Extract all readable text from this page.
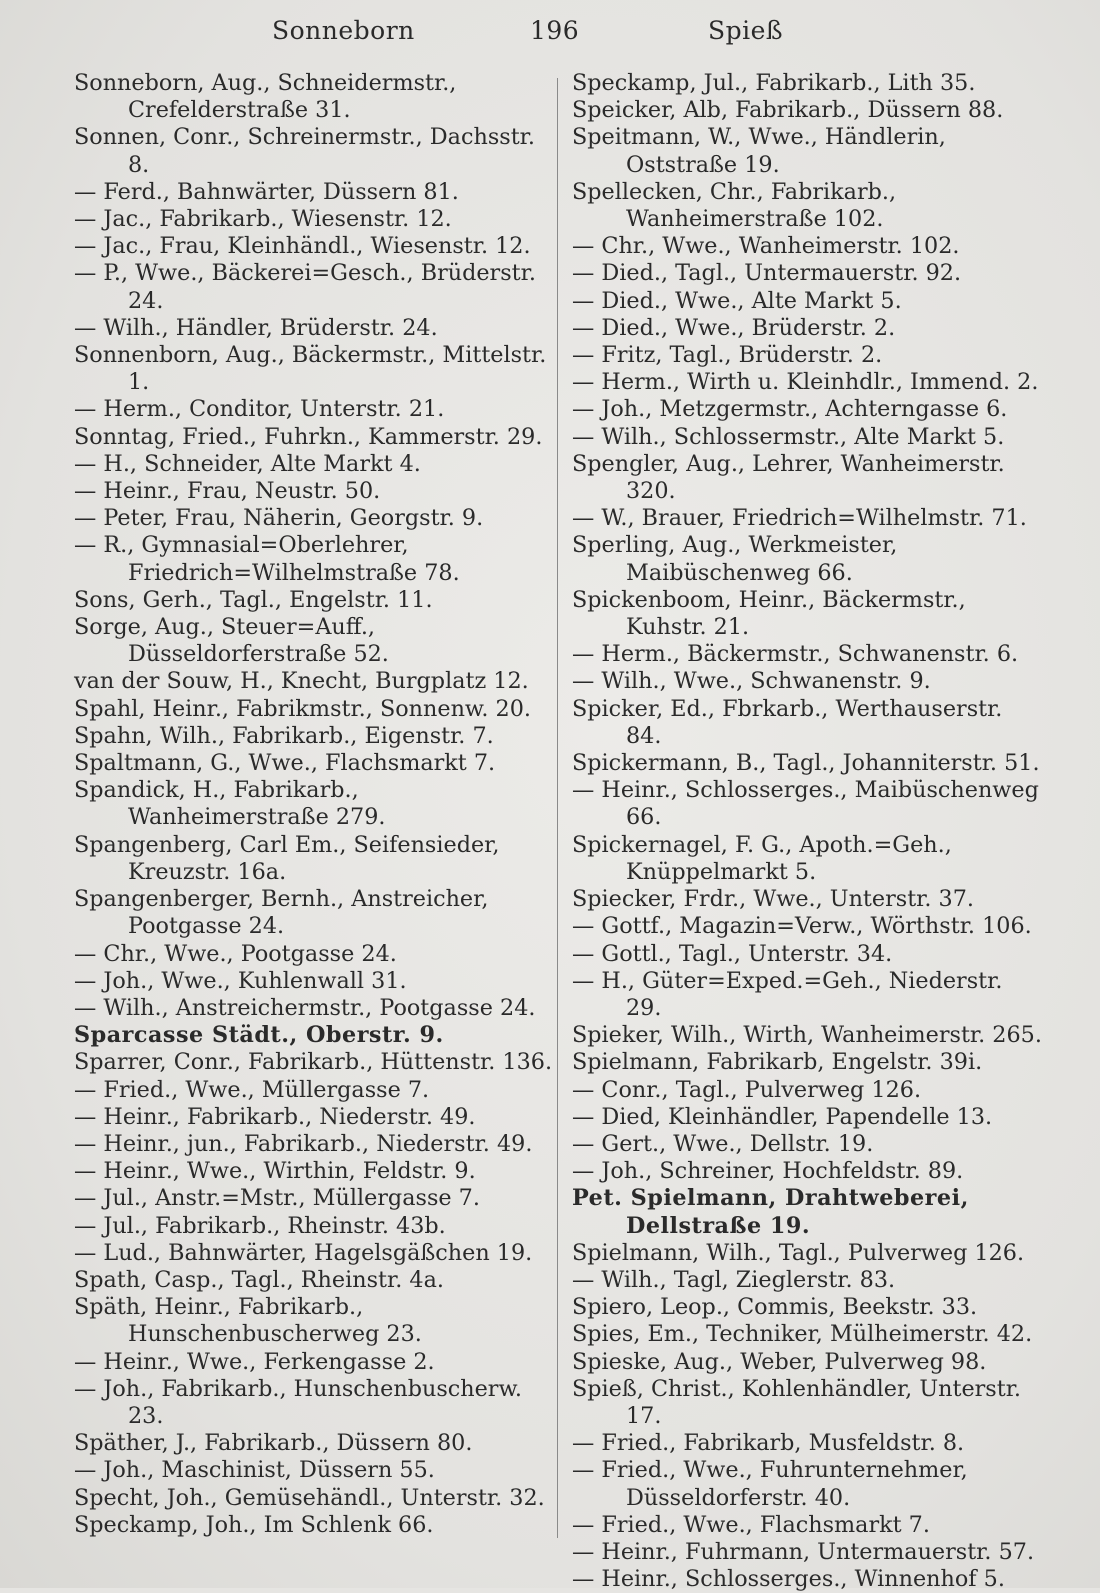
Sonneborn	196	Spieß

Sonneborn, Aug., Schneidermstr., Crefelderstraße 31.

Sonnen, Conr., Schreinermstr., Dachsstr. 8.

— Ferd., Bahnwärter, Düssern 81.

— Jac., Fabrikarb., Wiesenstr. 12.

— Jac., Frau, Kleinhändl., Wiesenstr. 12.

— P., Wwe., Bäckerei=Gesch., Brüderstr. 24.

— Wilh., Händler, Brüderstr. 24.

Sonnenborn, Aug., Bäckermstr., Mittelstr. 1.

— Herm., Conditor, Unterstr. 21.

Sonntag, Fried., Fuhrkn., Kammerstr. 29.

— H., Schneider, Alte Markt 4.

— Heinr., Frau, Neustr. 50.

— Peter, Frau, Näherin, Georgstr. 9.

— R., Gymnasial=Oberlehrer, Friedrich=Wilhelmstraße 78.

Sons, Gerh., Tagl., Engelstr. 11.

Sorge, Aug., Steuer=Auff., Düsseldorferstraße 52.

van der Souw, H., Knecht, Burgplatz 12.

Spahl, Heinr., Fabrikmstr., Sonnenw. 20.

Spahn, Wilh., Fabrikarb., Eigenstr. 7.

Spaltmann, G., Wwe., Flachsmarkt 7.

Spandick, H., Fabrikarb., Wanheimerstraße 279.

Spangenberg, Carl Em., Seifensieder, Kreuzstr. 16a.

Spangenberger, Bernh., Anstreicher, Pootgasse 24.

— Chr., Wwe., Pootgasse 24.

— Joh., Wwe., Kuhlenwall 31.

— Wilh., Anstreichermstr., Pootgasse 24.

Sparcasse Städt., Oberstr. 9.

Sparrer, Conr., Fabrikarb., Hüttenstr. 136.

— Fried., Wwe., Müllergasse 7.

— Heinr., Fabrikarb., Niederstr. 49.

— Heinr., jun., Fabrikarb., Niederstr. 49.

— Heinr., Wwe., Wirthin, Feldstr. 9.

— Jul., Anstr.=Mstr., Müllergasse 7.

— Jul., Fabrikarb., Rheinstr. 43b.

— Lud., Bahnwärter, Hagelsgäßchen 19.

Spath, Casp., Tagl., Rheinstr. 4a.

Späth, Heinr., Fabrikarb., Hunschenbuscherweg 23.

— Heinr., Wwe., Ferkengasse 2.

— Joh., Fabrikarb., Hunschenbuscherw. 23.

Späther, J., Fabrikarb., Düssern 80.

— Joh., Maschinist, Düssern 55.

Specht, Joh., Gemüsehändl., Unterstr. 32.

Speckamp, Joh., Im Schlenk 66.

Speckamp, Jul., Fabrikarb., Lith 35.

Speicker, Alb, Fabrikarb., Düssern 88.

Speitmann, W., Wwe., Händlerin, Oststraße 19.

Spellecken, Chr., Fabrikarb., Wanheimerstraße 102.

— Chr., Wwe., Wanheimerstr. 102.

— Died., Tagl., Untermauerstr. 92.

— Died., Wwe., Alte Markt 5.

— Died., Wwe., Brüderstr. 2.

— Fritz, Tagl., Brüderstr. 2.

— Herm., Wirth u. Kleinhdlr., Immend. 2.

— Joh., Metzgermstr., Achterngasse 6.

— Wilh., Schlossermstr., Alte Markt 5.

Spengler, Aug., Lehrer, Wanheimerstr. 320.

— W., Brauer, Friedrich=Wilhelmstr. 71.

Sperling, Aug., Werkmeister, Maibüschenweg 66.

Spickenboom, Heinr., Bäckermstr., Kuhstr. 21.

— Herm., Bäckermstr., Schwanenstr. 6.

— Wilh., Wwe., Schwanenstr. 9.

Spicker, Ed., Fbrkarb., Werthauserstr. 84.

Spickermann, B., Tagl., Johanniterstr. 51.

— Heinr., Schlosserges., Maibüschenweg 66.

Spickernagel, F. G., Apoth.=Geh., Knüppelmarkt 5.

Spiecker, Frdr., Wwe., Unterstr. 37.

— Gottf., Magazin=Verw., Wörthstr. 106.

— Gottl., Tagl., Unterstr. 34.

— H., Güter=Exped.=Geh., Niederstr. 29.

Spieker, Wilh., Wirth, Wanheimerstr. 265.

Spielmann, Fabrikarb, Engelstr. 39i.

— Conr., Tagl., Pulverweg 126.

— Died, Kleinhändler, Papendelle 13.

— Gert., Wwe., Dellstr. 19.

— Joh., Schreiner, Hochfeldstr. 89.

Pet. Spielmann, Drahtweberei, Dellstraße 19.

Spielmann, Wilh., Tagl., Pulverweg 126.

— Wilh., Tagl, Zieglerstr. 83.

Spiero, Leop., Commis, Beekstr. 33.

Spies, Em., Techniker, Mülheimerstr. 42.

Spieske, Aug., Weber, Pulverweg 98.

Spieß, Christ., Kohlenhändler, Unterstr. 17.

— Fried., Fabrikarb, Musfeldstr. 8.

— Fried., Wwe., Fuhrunternehmer, Düsseldorferstr. 40.

— Fried., Wwe., Flachsmarkt 7.

— Heinr., Fuhrmann, Untermauerstr. 57.

— Heinr., Schlosserges., Winnenhof 5.
